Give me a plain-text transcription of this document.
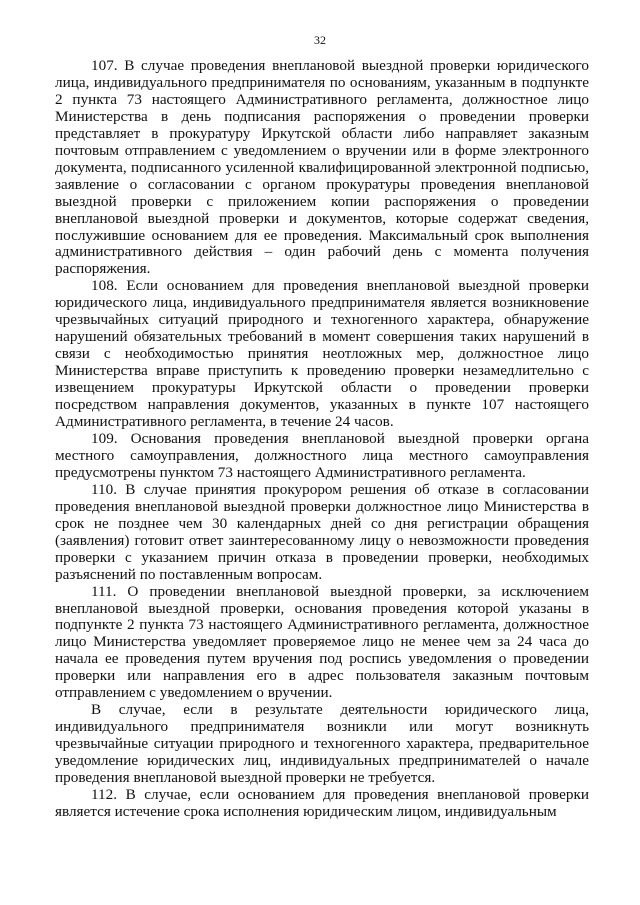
32

107. В случае проведения внеплановой выездной проверки юридического лица, индивидуального предпринимателя по основаниям, указанным в подпункте 2 пункта 73 настоящего Административного регламента, должностное лицо Министерства в день подписания распоряжения о проведении проверки представляет в прокуратуру Иркутской области либо направляет заказным почтовым отправлением с уведомлением о вручении или в форме электронного документа, подписанного усиленной квалифицированной электронной подписью, заявление о согласовании с органом прокуратуры проведения внеплановой выездной проверки с приложением копии распоряжения о проведении внеплановой выездной проверки и документов, которые содержат сведения, послужившие основанием для ее проведения. Максимальный срок выполнения административного действия – один рабочий день с момента получения распоряжения.

108. Если основанием для проведения внеплановой выездной проверки юридического лица, индивидуального предпринимателя является возникновение чрезвычайных ситуаций природного и техногенного характера, обнаружение нарушений обязательных требований в момент совершения таких нарушений в связи с необходимостью принятия неотложных мер, должностное лицо Министерства вправе приступить к проведению проверки незамедлительно с извещением прокуратуры Иркутской области о проведении проверки посредством направления документов, указанных в пункте 107 настоящего Административного регламента, в течение 24 часов.

109. Основания проведения внеплановой выездной проверки органа местного самоуправления, должностного лица местного самоуправления предусмотрены пунктом 73 настоящего Административного регламента.

110. В случае принятия прокурором решения об отказе в согласовании проведения внеплановой выездной проверки должностное лицо Министерства в срок не позднее чем 30 календарных дней со дня регистрации обращения (заявления) готовит ответ заинтересованному лицу о невозможности проведения проверки с указанием причин отказа в проведении проверки, необходимых разъяснений по поставленным вопросам.

111. О проведении внеплановой выездной проверки, за исключением внеплановой выездной проверки, основания проведения которой указаны в подпункте 2 пункта 73 настоящего Административного регламента, должностное лицо Министерства уведомляет проверяемое лицо не менее чем за 24 часа до начала ее проведения путем вручения под роспись уведомления о проведении проверки или направления его в адрес пользователя заказным почтовым отправлением с уведомлением о вручении.

В случае, если в результате деятельности юридического лица, индивидуального предпринимателя возникли или могут возникнуть чрезвычайные ситуации природного и техногенного характера, предварительное уведомление юридических лиц, индивидуальных предпринимателей о начале проведения внеплановой выездной проверки не требуется.

112. В случае, если основанием для проведения внеплановой проверки является истечение срока исполнения юридическим лицом, индивидуальным
